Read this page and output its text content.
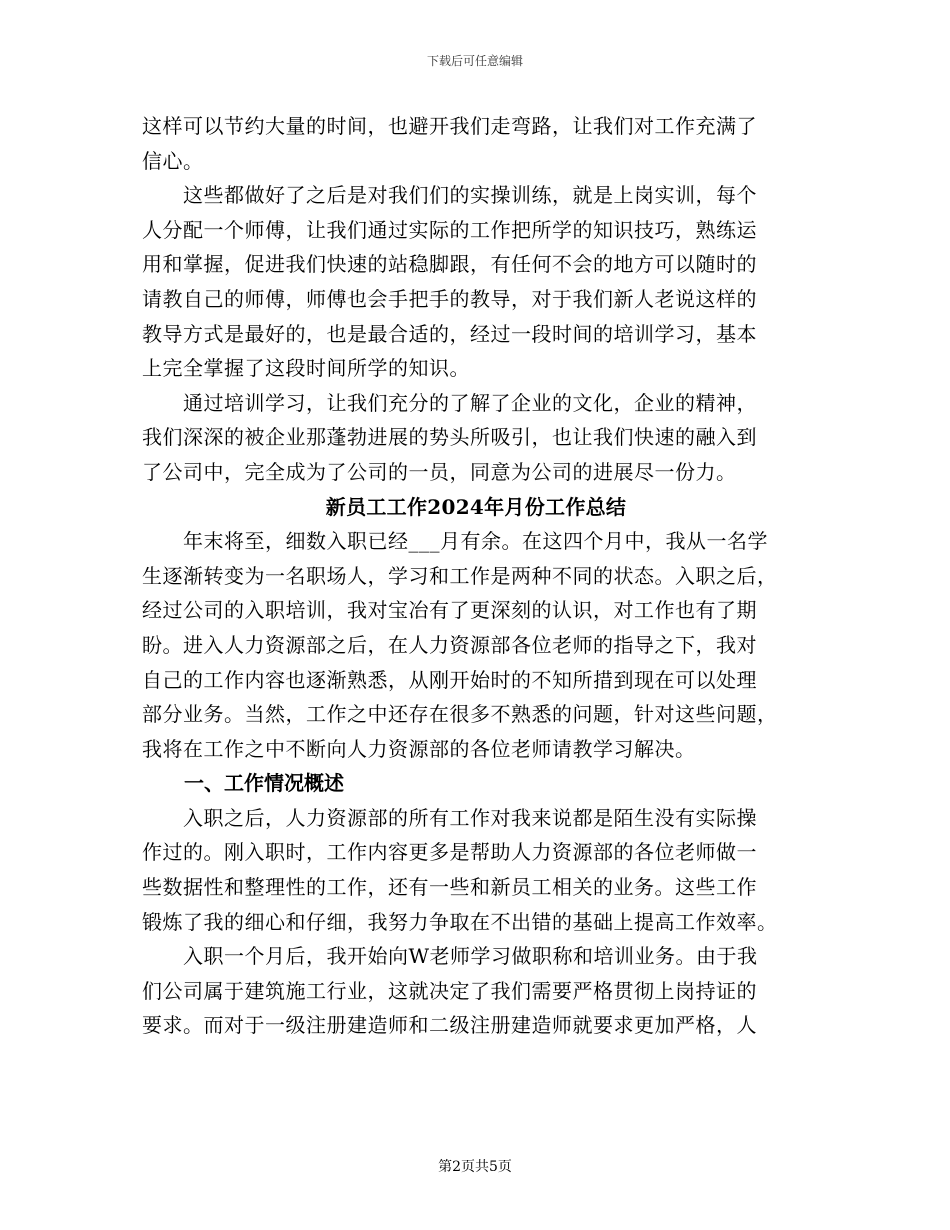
下载后可任意编辑
这样可以节约大量的时间，也避开我们走弯路，让我们对工作充满了
信心。
　　这些都做好了之后是对我们们的实操训练，就是上岗实训，每个
人分配一个师傅，让我们通过实际的工作把所学的知识技巧，熟练运
用和掌握，促进我们快速的站稳脚跟，有任何不会的地方可以随时的
请教自己的师傅，师傅也会手把手的教导，对于我们新人老说这样的
教导方式是最好的，也是最合适的，经过一段时间的培训学习，基本
上完全掌握了这段时间所学的知识。
　　通过培训学习，让我们充分的了解了企业的文化，企业的精神，
我们深深的被企业那蓬勃进展的势头所吸引，也让我们快速的融入到
了公司中，完全成为了公司的一员，同意为公司的进展尽一份力。
新员工工作2024年月份工作总结
　　年末将至，细数入职已经___月有余。在这四个月中，我从一名学
生逐渐转变为一名职场人，学习和工作是两种不同的状态。入职之后，
经过公司的入职培训，我对宝冶有了更深刻的认识，对工作也有了期
盼。进入人力资源部之后，在人力资源部各位老师的指导之下，我对
自己的工作内容也逐渐熟悉，从刚开始时的不知所措到现在可以处理
部分业务。当然，工作之中还存在很多不熟悉的问题，针对这些问题，
我将在工作之中不断向人力资源部的各位老师请教学习解决。
一、工作情况概述
　　入职之后，人力资源部的所有工作对我来说都是陌生没有实际操
作过的。刚入职时，工作内容更多是帮助人力资源部的各位老师做一
些数据性和整理性的工作，还有一些和新员工相关的业务。这些工作
锻炼了我的细心和仔细，我努力争取在不出错的基础上提高工作效率。
　　入职一个月后，我开始向W老师学习做职称和培训业务。由于我
们公司属于建筑施工行业，这就决定了我们需要严格贯彻上岗持证的
要求。而对于一级注册建造师和二级注册建造师就要求更加严格，人
第2页共5页
